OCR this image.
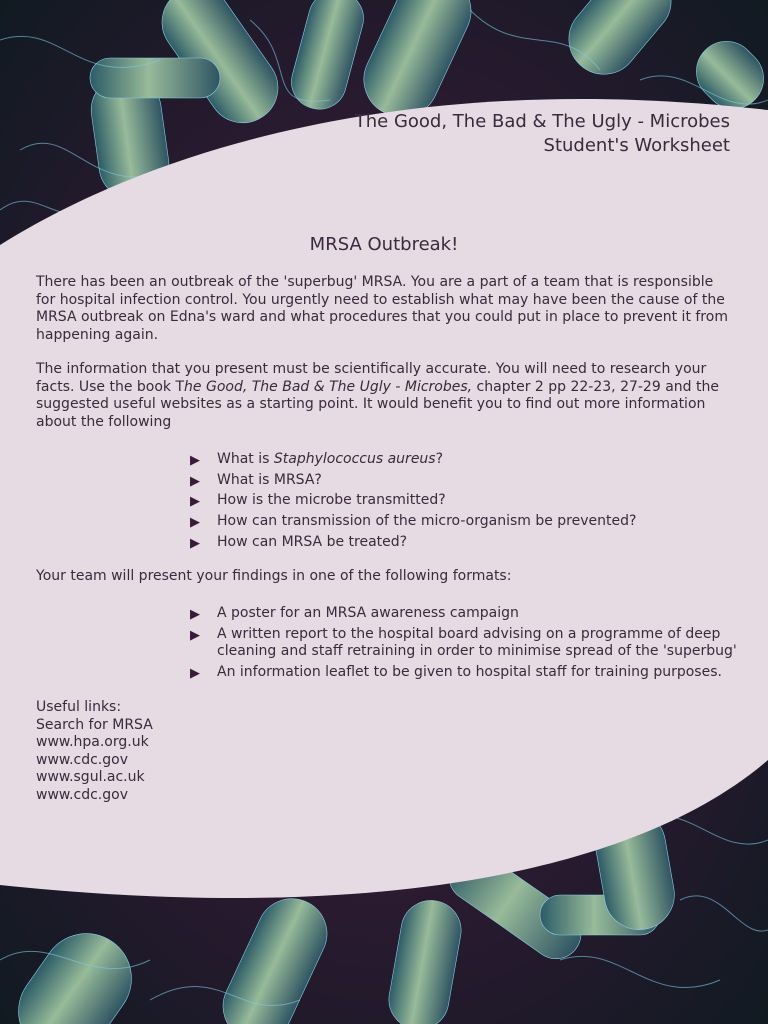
The Good, The Bad & The Ugly - Microbes
Student's Worksheet
MRSA Outbreak!

There has been an outbreak of the 'superbug' MRSA. You are a part of a team that is responsible for hospital infection control. You urgently need to establish what may have been the cause of the MRSA outbreak on Edna's ward and what procedures that you could put in place to prevent it from happening again.

The information that you present must be scientifically accurate. You will need to research your facts. Use the book The Good, The Bad & The Ugly - Microbes, chapter 2 pp 22-23, 27-29 and the suggested useful websites as a starting point. It would benefit you to find out more information about the following

▶ What is Staphylococcus aureus?
▶ What is MRSA?
▶ How is the microbe transmitted?
▶ How can transmission of the micro-organism be prevented?
▶ How can MRSA be treated?

Your team will present your findings in one of the following formats:

▶ A poster for an MRSA awareness campaign
▶ A written report to the hospital board advising on a programme of deep cleaning and staff retraining in order to minimise spread of the 'superbug'
▶ An information leaflet to be given to hospital staff for training purposes.
Useful links:
Search for MRSA
www.hpa.org.uk
www.cdc.gov
www.sgul.ac.uk
www.cdc.gov
